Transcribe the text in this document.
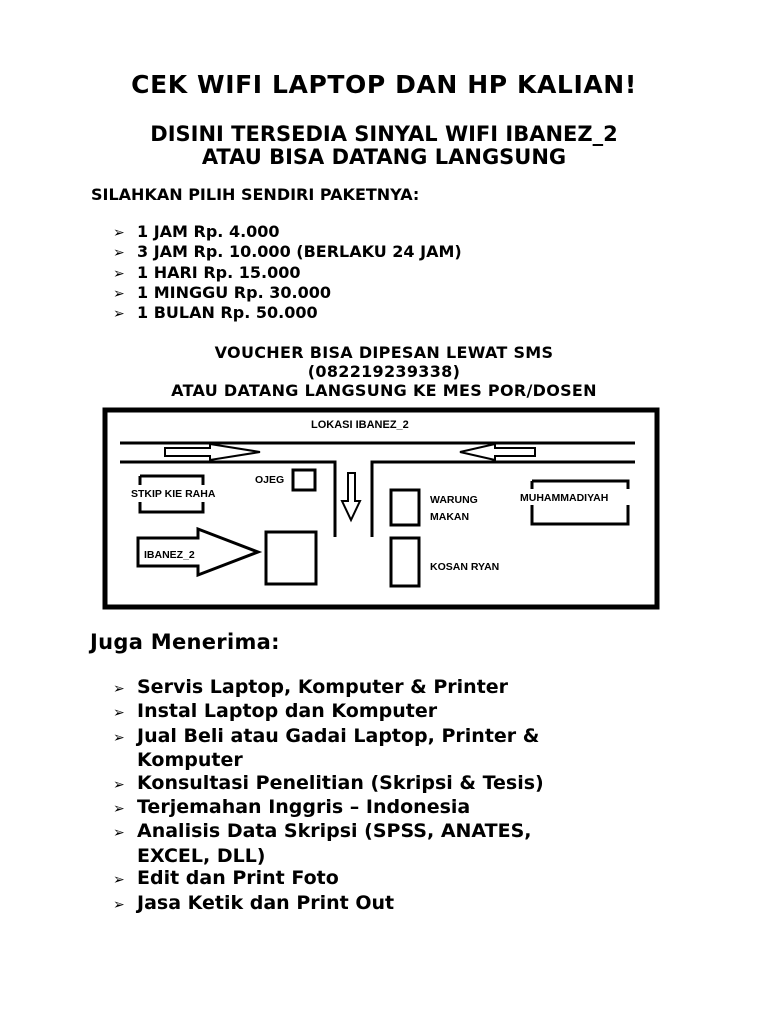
CEK WIFI LAPTOP DAN HP KALIAN!
DISINI TERSEDIA SINYAL WIFI IBANEZ_2
ATAU BISA DATANG LANGSUNG
SILAHKAN PILIH SENDIRI PAKETNYA:
➢ 1 JAM Rp. 4.000
➢ 3 JAM Rp. 10.000 (BERLAKU 24 JAM)
➢ 1 HARI Rp. 15.000
➢ 1 MINGGU Rp. 30.000
➢ 1 BULAN Rp. 50.000
VOUCHER BISA DIPESAN LEWAT SMS
(082219239338)
ATAU DATANG LANGSUNG KE MES POR/DOSEN
LOKASI IBANEZ_2
STKIP KIE RAHA
OJEG
IBANEZ_2
WARUNG
MAKAN
KOSAN RYAN
MUHAMMADIYAH
Juga Menerima:
➢ Servis Laptop, Komputer & Printer
➢ Instal Laptop dan Komputer
➢ Jual Beli atau Gadai Laptop, Printer &
Komputer
➢ Konsultasi Penelitian (Skripsi & Tesis)
➢ Terjemahan Inggris – Indonesia
➢ Analisis Data Skripsi (SPSS, ANATES,
EXCEL, DLL)
➢ Edit dan Print Foto
➢ Jasa Ketik dan Print Out
